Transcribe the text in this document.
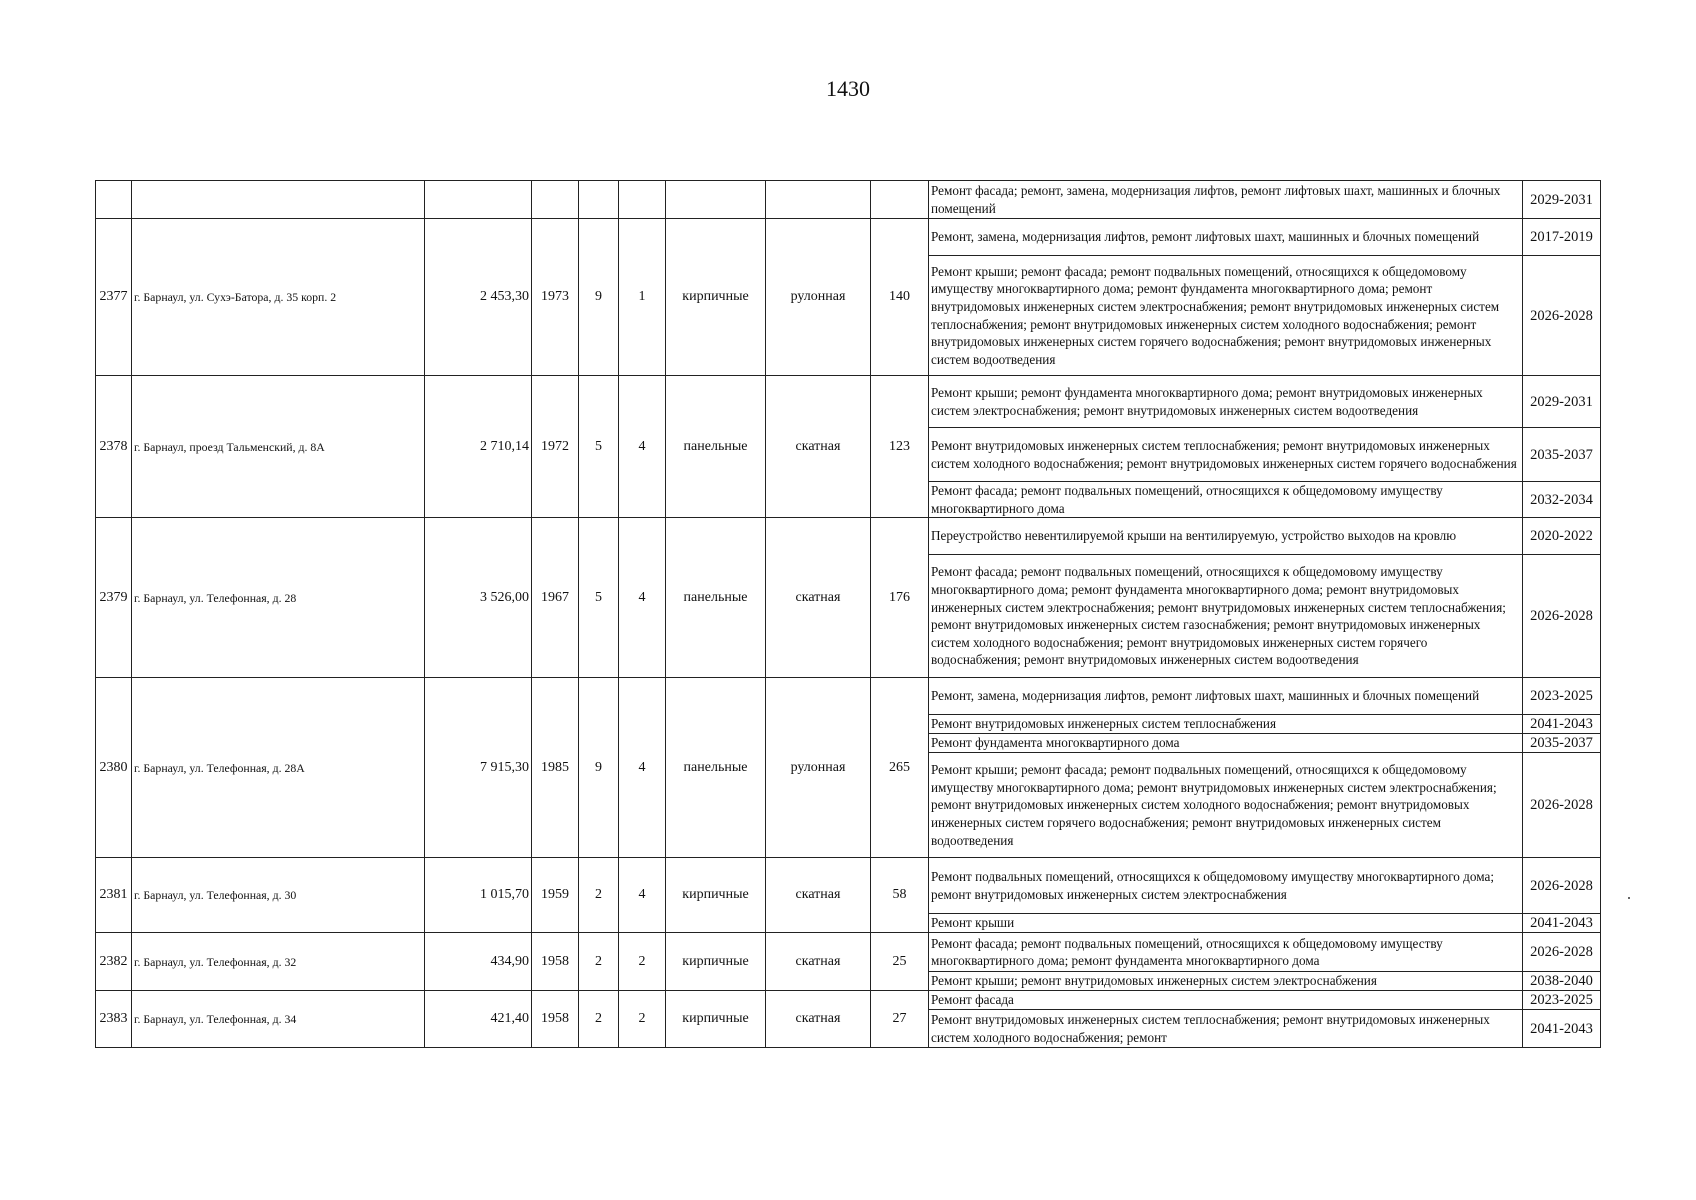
1430
									Ремонт фасада; ремонт, замена, модернизация лифтов, ремонт лифтовых шахт, машинных и блочных помещений	2029-2031
2377	г. Барнаул, ул. Сухэ-Батора, д. 35 корп. 2	2 453,30	1973	9	1	кирпичные	рулонная	140	Ремонт, замена, модернизация лифтов, ремонт лифтовых шахт, машинных и блочных помещений	2017-2019
									Ремонт крыши; ремонт фасада; ремонт подвальных помещений, относящихся к общедомовому имуществу многоквартирного дома; ремонт фундамента многоквартирного дома; ремонт внутридомовых инженерных систем электроснабжения; ремонт внутридомовых инженерных систем теплоснабжения; ремонт внутридомовых инженерных систем холодного водоснабжения; ремонт внутридомовых инженерных систем горячего водоснабжения; ремонт внутридомовых инженерных систем водоотведения	2026-2028
2378	г. Барнаул, проезд Тальменский, д. 8А	2 710,14	1972	5	4	панельные	скатная	123	Ремонт крыши; ремонт фундамента многоквартирного дома; ремонт внутридомовых инженерных систем электроснабжения; ремонт внутридомовых инженерных систем водоотведения	2029-2031
									Ремонт внутридомовых инженерных систем теплоснабжения; ремонт внутридомовых инженерных систем холодного водоснабжения; ремонт внутридомовых инженерных систем горячего водоснабжения	2035-2037
									Ремонт фасада; ремонт подвальных помещений, относящихся к общедомовому имуществу многоквартирного дома	2032-2034
2379	г. Барнаул, ул. Телефонная, д. 28	3 526,00	1967	5	4	панельные	скатная	176	Переустройство невентилируемой крыши на вентилируемую, устройство выходов на кровлю	2020-2022
									Ремонт фасада; ремонт подвальных помещений, относящихся к общедомовому имуществу многоквартирного дома; ремонт фундамента многоквартирного дома; ремонт внутридомовых инженерных систем электроснабжения; ремонт внутридомовых инженерных систем теплоснабжения; ремонт внутридомовых инженерных систем газоснабжения; ремонт внутридомовых инженерных систем холодного водоснабжения; ремонт внутридомовых инженерных систем горячего водоснабжения; ремонт внутридомовых инженерных систем водоотведения	2026-2028
2380	г. Барнаул, ул. Телефонная, д. 28А	7 915,30	1985	9	4	панельные	рулонная	265	Ремонт, замена, модернизация лифтов, ремонт лифтовых шахт, машинных и блочных помещений	2023-2025
									Ремонт внутридомовых инженерных систем теплоснабжения	2041-2043
									Ремонт фундамента многоквартирного дома	2035-2037
									Ремонт крыши; ремонт фасада; ремонт подвальных помещений, относящихся к общедомовому имуществу многоквартирного дома; ремонт внутридомовых инженерных систем электроснабжения; ремонт внутридомовых инженерных систем холодного водоснабжения; ремонт внутридомовых инженерных систем горячего водоснабжения; ремонт внутридомовых инженерных систем водоотведения	2026-2028
2381	г. Барнаул, ул. Телефонная, д. 30	1 015,70	1959	2	4	кирпичные	скатная	58	Ремонт подвальных помещений, относящихся к общедомовому имуществу многоквартирного дома; ремонт внутридомовых инженерных систем электроснабжения	2026-2028
									Ремонт крыши	2041-2043
2382	г. Барнаул, ул. Телефонная, д. 32	434,90	1958	2	2	кирпичные	скатная	25	Ремонт фасада; ремонт подвальных помещений, относящихся к общедомовому имуществу многоквартирного дома; ремонт фундамента многоквартирного дома	2026-2028
									Ремонт крыши; ремонт внутридомовых инженерных систем электроснабжения	2038-2040
2383	г. Барнаул, ул. Телефонная, д. 34	421,40	1958	2	2	кирпичные	скатная	27	Ремонт фасада	2023-2025
									Ремонт внутридомовых инженерных систем теплоснабжения; ремонт внутридомовых инженерных систем холодного водоснабжения; ремонт	2041-2043
